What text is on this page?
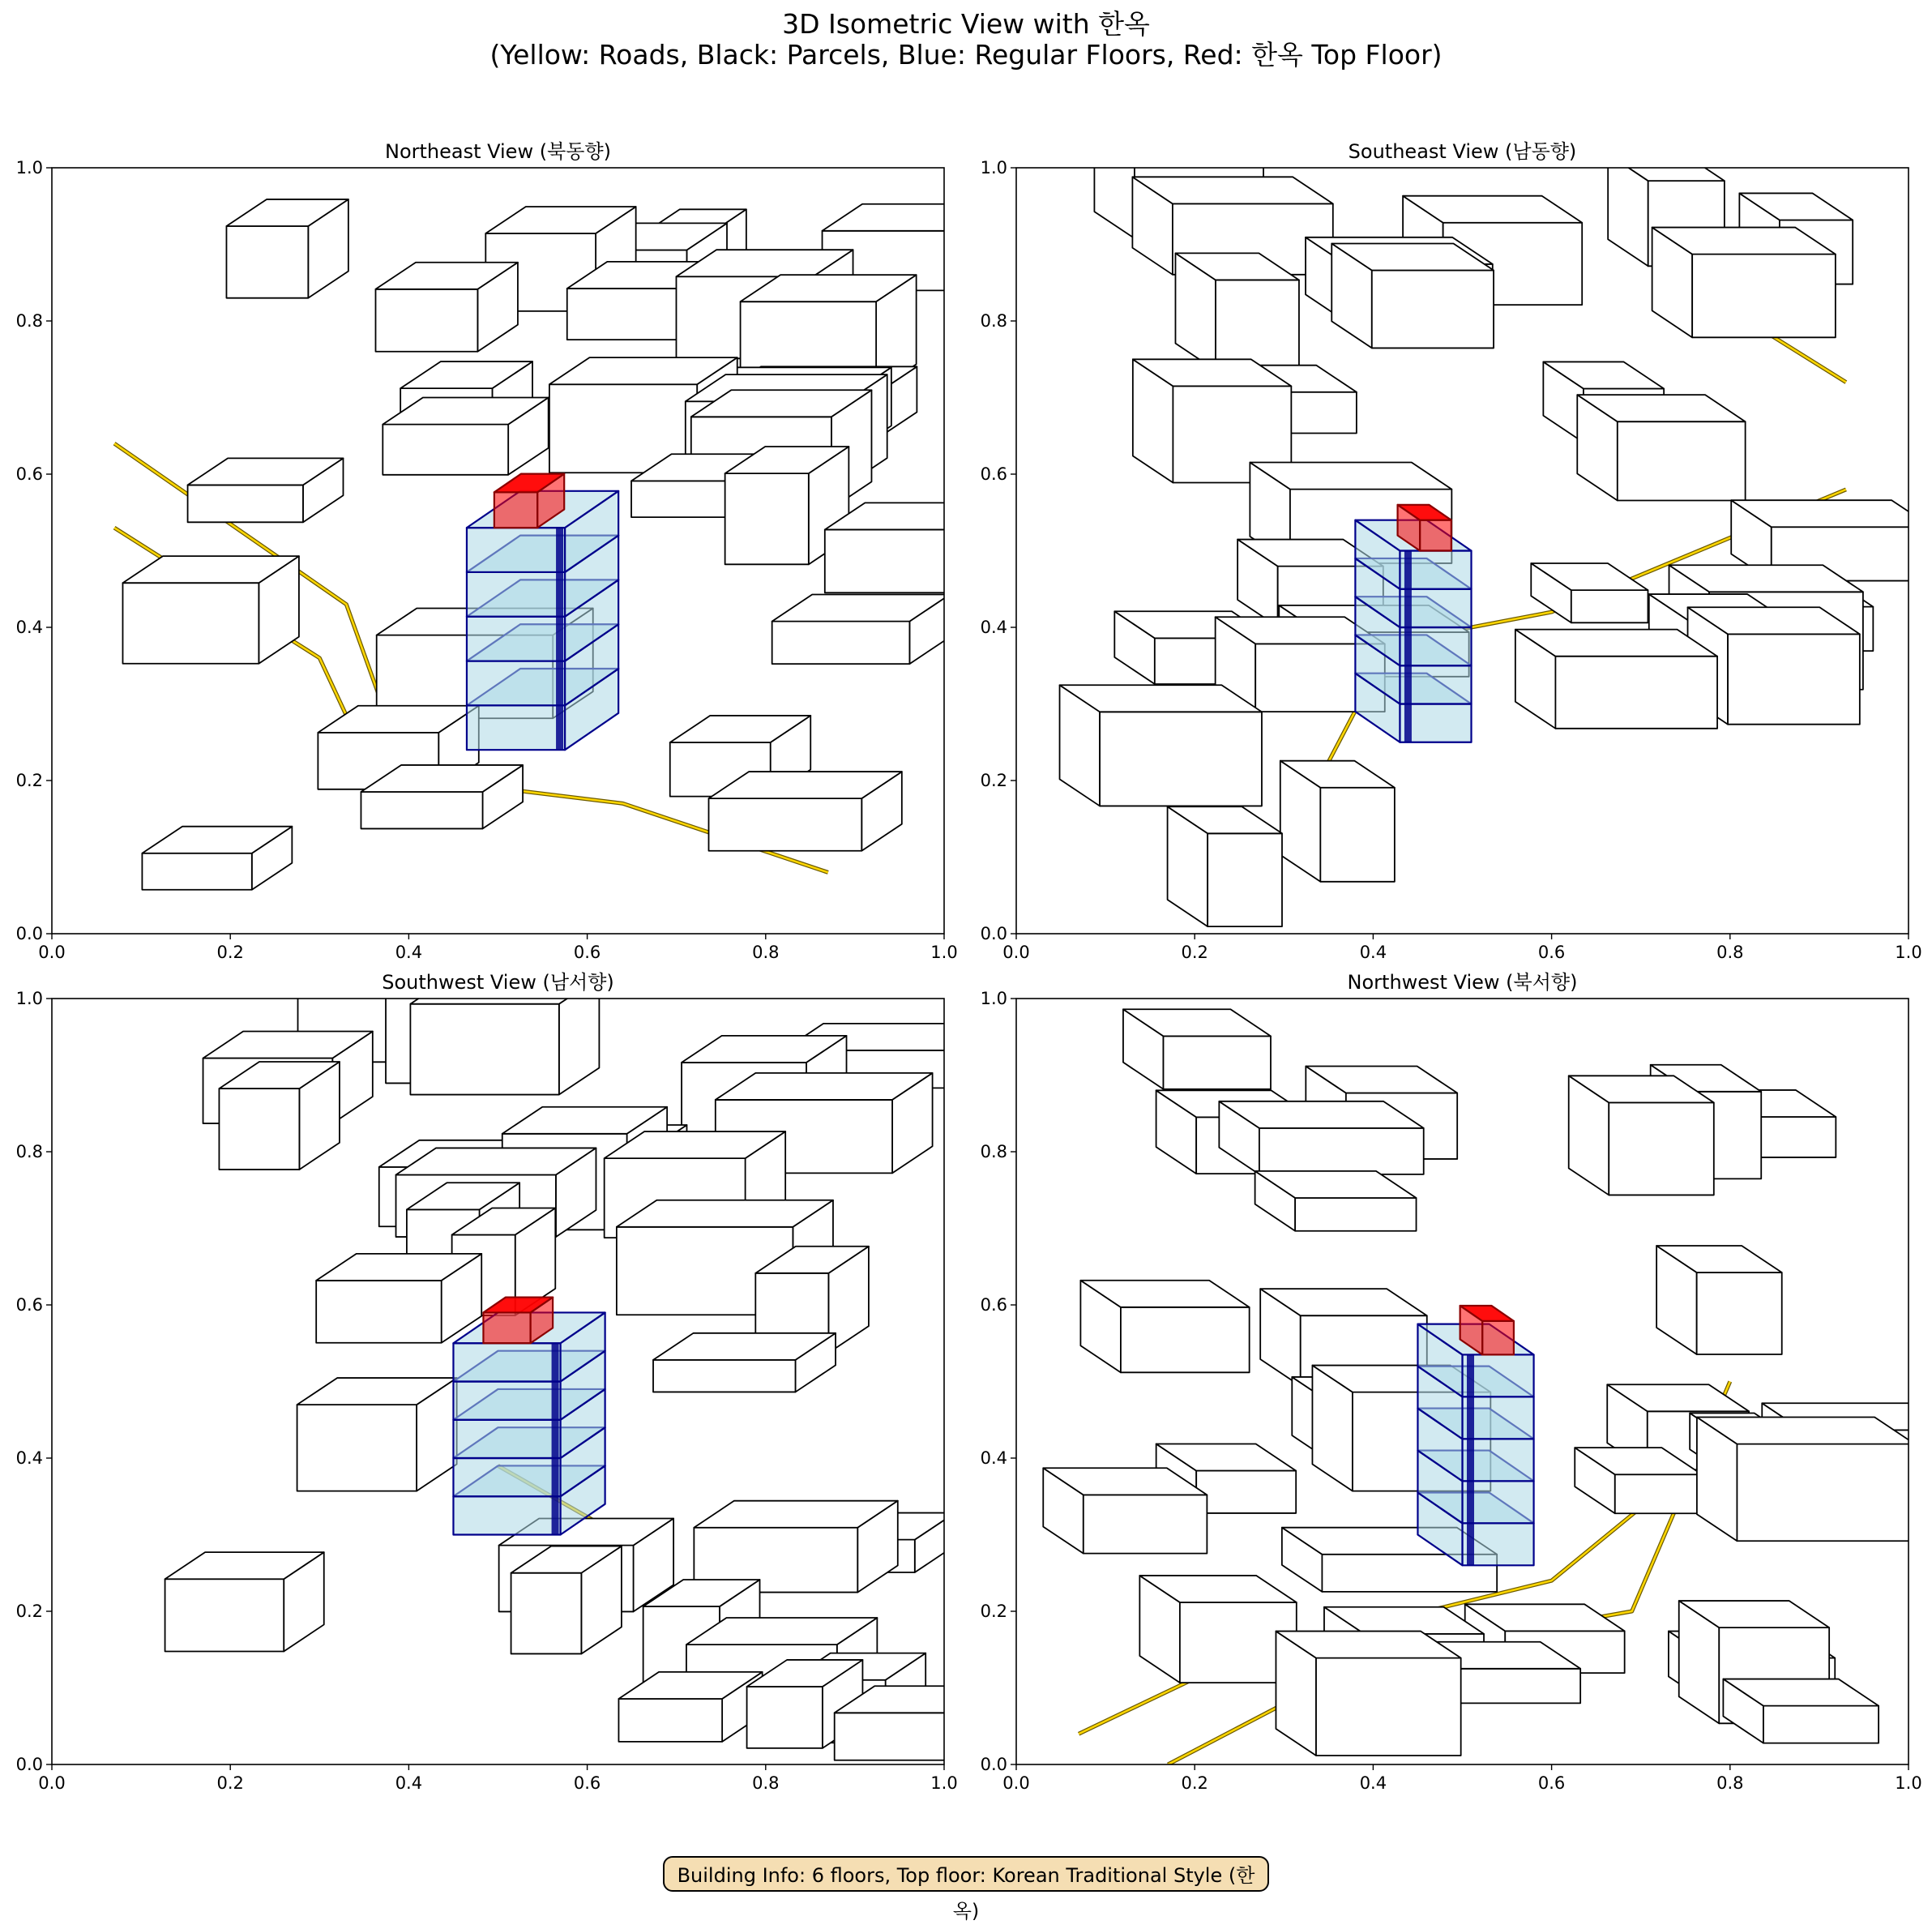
3D Isometric View with 한옥
(Yellow: Roads, Black: Parcels, Blue: Regular Floors, Red: 한옥 Top Floor)
0.0	0.2	0.4	0.6	0.8	1.0
0.0
0.2
0.4
0.6
0.8
1.0
Northeast View (북동향)
0.0	0.2	0.4	0.6	0.8	1.0
0.0
0.2
0.4
0.6
0.8
1.0
Southeast View (남동향)
0.0	0.2	0.4	0.6	0.8	1.0
0.0
0.2
0.4
0.6
0.8
1.0
Southwest View (남서향)
0.0	0.2	0.4	0.6	0.8	1.0
0.0
0.2
0.4
0.6
0.8
1.0
Northwest View (북서향)
Building Info: 6 floors, Top floor: Korean Traditional Style (한옥)
